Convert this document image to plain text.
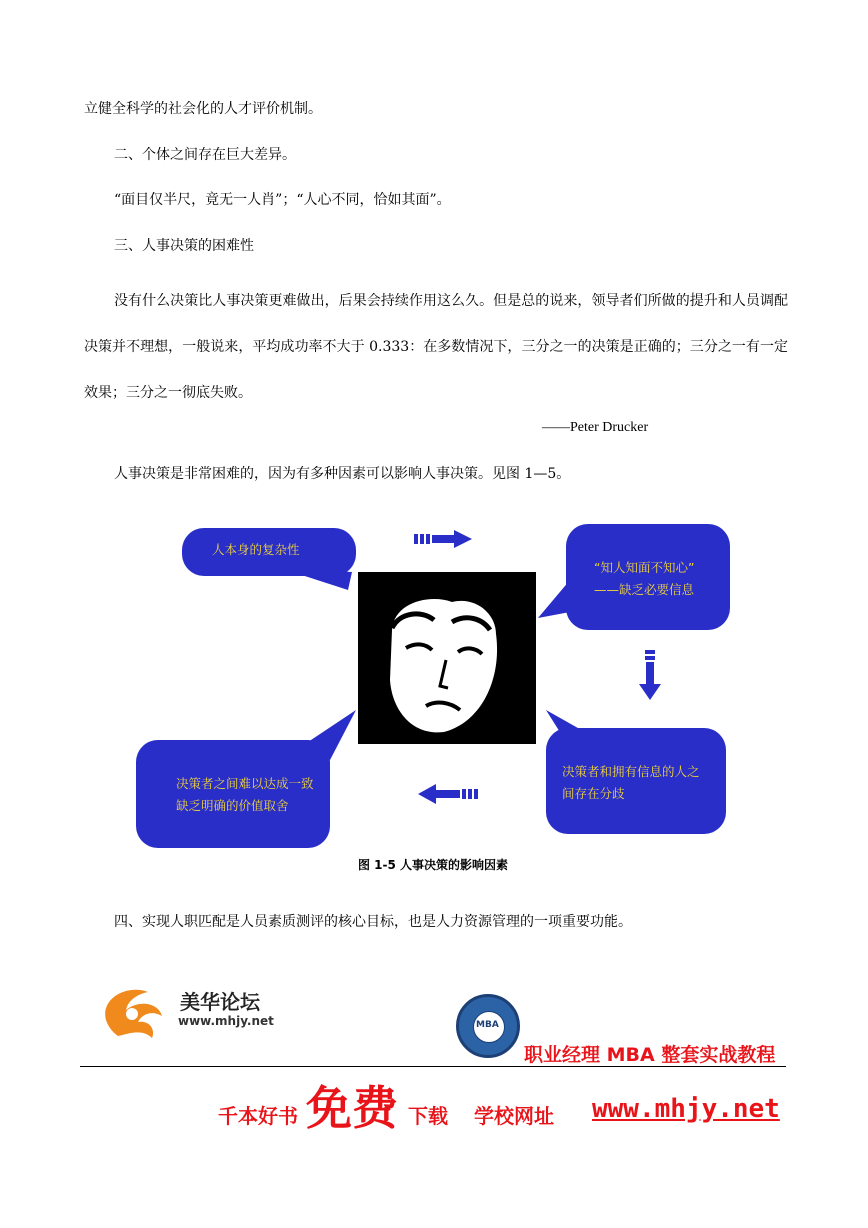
立健全科学的社会化的人才评价机制。
二、个体之间存在巨大差异。
“面目仅半尺，竟无一人肖”；“人心不同，恰如其面”。
三、人事决策的困难性
没有什么决策比人事决策更难做出，后果会持续作用这么久。但是总的说来，领导者们所做的提升和人员调配决策并不理想，一般说来，平均成功率不大于 0.333：在多数情况下，三分之一的决策是正确的；三分之一有一定效果；三分之一彻底失败。
——Peter Drucker
人事决策是非常困难的，因为有多种因素可以影响人事决策。见图 1—5。
人本身的复杂性
“知人知面不知心”
——缺乏必要信息
决策者和拥有信息的人之
间存在分歧
决策者之间难以达成一致
缺乏明确的价值取舍
图 1-5 人事决策的影响因素
四、实现人职匹配是人员素质测评的核心目标，也是人力资源管理的一项重要功能。
美华论坛
www.mhjy.net	MBA
职业经理 MBA 整套实战教程
千本好书 免费 下载 学校网址 www.mhjy.net
